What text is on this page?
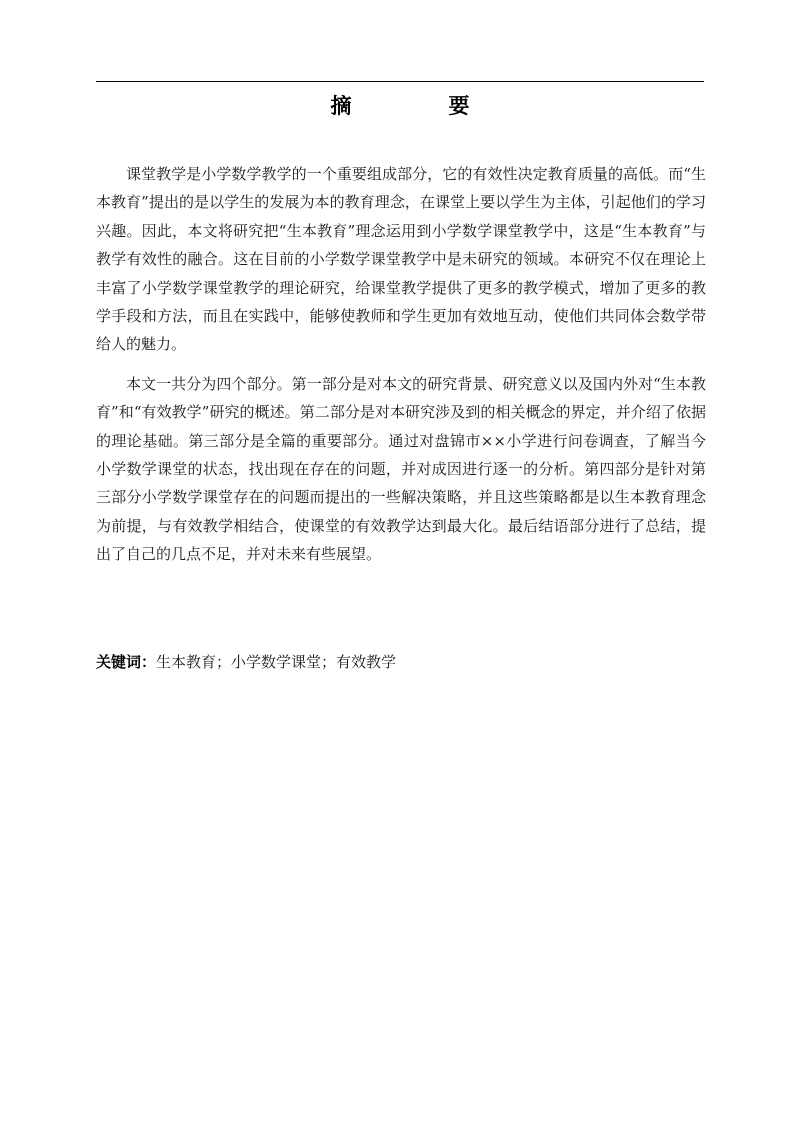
摘　要

课堂教学是小学数学教学的一个重要组成部分，它的有效性决定教育质量的高低。而“生本教育”提出的是以学生的发展为本的教育理念，在课堂上要以学生为主体，引起他们的学习兴趣。因此，本文将研究把“生本教育”理念运用到小学数学课堂教学中，这是“生本教育”与教学有效性的融合。这在目前的小学数学课堂教学中是未研究的领域。本研究不仅在理论上丰富了小学数学课堂教学的理论研究，给课堂教学提供了更多的教学模式，增加了更多的教学手段和方法，而且在实践中，能够使教师和学生更加有效地互动，使他们共同体会数学带给人的魅力。

本文一共分为四个部分。第一部分是对本文的研究背景、研究意义以及国内外对“生本教育”和“有效教学”研究的概述。第二部分是对本研究涉及到的相关概念的界定，并介绍了依据的理论基础。第三部分是全篇的重要部分。通过对盘锦市××小学进行问卷调查，了解当今小学数学课堂的状态，找出现在存在的问题，并对成因进行逐一的分析。第四部分是针对第三部分小学数学课堂存在的问题而提出的一些解决策略，并且这些策略都是以生本教育理念为前提，与有效教学相结合，使课堂的有效教学达到最大化。最后结语部分进行了总结，提出了自己的几点不足，并对未来有些展望。

关键词：生本教育；小学数学课堂；有效教学
